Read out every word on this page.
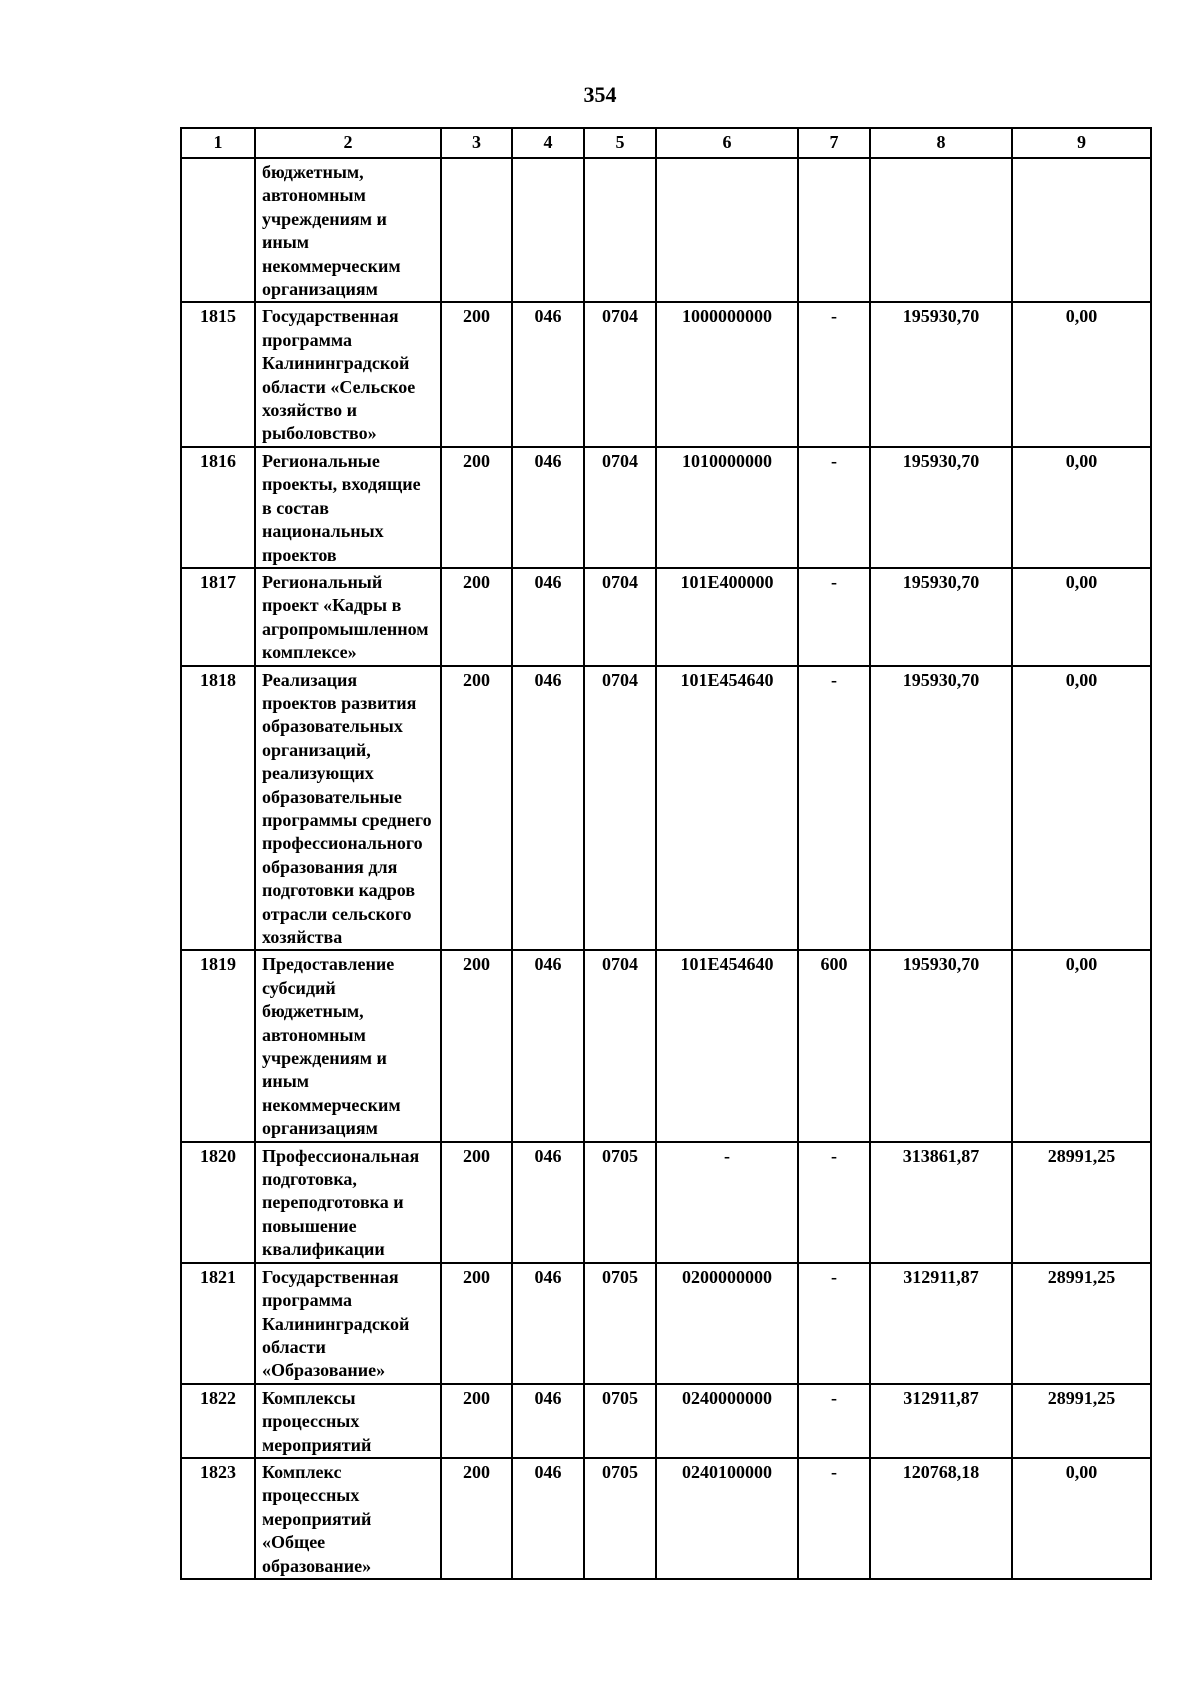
354
1	2	3	4	5	6	7	8	9
	бюджетным, автономным учреждениям и иным некоммерческим организациям							
1815	Государственная программа Калининградской области «Сельское хозяйство и рыболовство»	200	046	0704	1000000000	-	195930,70	0,00
1816	Региональные проекты, входящие в состав национальных проектов	200	046	0704	1010000000	-	195930,70	0,00
1817	Региональный проект «Кадры в агропромышленном комплексе»	200	046	0704	101E400000	-	195930,70	0,00
1818	Реализация проектов развития образовательных организаций, реализующих образовательные программы среднего профессионального образования для подготовки кадров отрасли сельского хозяйства	200	046	0704	101E454640	-	195930,70	0,00
1819	Предоставление субсидий бюджетным, автономным учреждениям и иным некоммерческим организациям	200	046	0704	101E454640	600	195930,70	0,00
1820	Профессиональная подготовка, переподготовка и повышение квалификации	200	046	0705	-	-	313861,87	28991,25
1821	Государственная программа Калининградской области «Образование»	200	046	0705	0200000000	-	312911,87	28991,25
1822	Комплексы процессных мероприятий	200	046	0705	0240000000	-	312911,87	28991,25
1823	Комплекс процессных мероприятий «Общее образование»	200	046	0705	0240100000	-	120768,18	0,00
